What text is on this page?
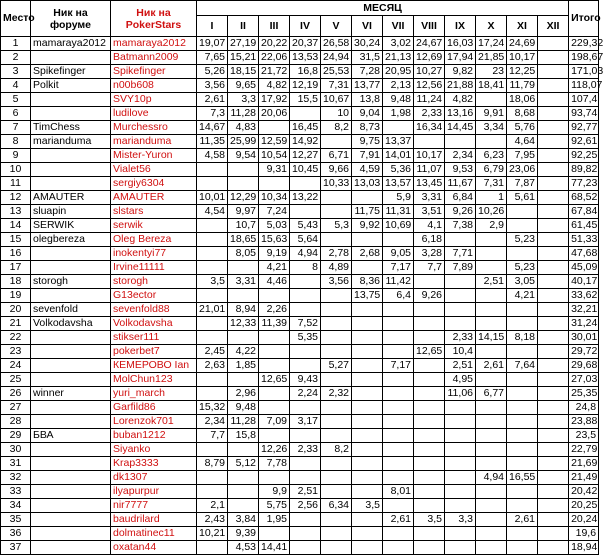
Место	Ник на форуме	Ник на PokerStars	МЕСЯЦ												Итого
			I	II	III	IV	V	VI	VII	VIII	IX	X	XI	XII	
1	mamaraya2012	mamaraya2012	19,07	27,19	20,22	20,37	26,58	30,24	3,02	24,67	16,03	17,24	24,69		229,32
2		Batmann2009	7,65	15,21	22,06	13,53	24,94	31,5	21,13	12,69	17,94	21,85	10,17		198,67
3	Spikefinger	Spikefinger	5,26	18,15	21,72	16,8	25,53	7,28	20,95	10,27	9,82	23	12,25		171,03
4	Polkit	n00b608	3,56	9,65	4,82	12,19	7,31	13,77	2,13	12,56	21,88	18,41	11,79		118,07
5		SVY10p	2,61	3,3	17,92	15,5	10,67	13,8	9,48	11,24	4,82		18,06		107,4
6		ludilove	7,3	11,28	20,06		10	9,04	1,98	2,33	13,16	9,91	8,68		93,74
7	TimChess	Murchessro	14,67	4,83		16,45	8,2	8,73		16,34	14,45	3,34	5,76		92,77
8	marianduma	marianduma	11,35	25,99	12,59	14,92		9,75	13,37				4,64		92,61
9		Mister-Yuron	4,58	9,54	10,54	12,27	6,71	7,91	14,01	10,17	2,34	6,23	7,95		92,25
10		Vialet56			9,31	10,45	9,66	4,59	5,36	11,07	9,53	6,79	23,06		89,82
11		sergiy6304					10,33	13,03	13,57	13,45	11,67	7,31	7,87		77,23
12	AMAUTER	AMAUTER	10,01	12,29	10,34	13,22			5,9	3,31	6,84	1	5,61		68,52
13	sluapin	slstars	4,54	9,97	7,24			11,75	11,31	3,51	9,26	10,26			67,84
14	SERWIK	serwik		10,7	5,03	5,43	5,3	9,92	10,69	4,1	7,38	2,9			61,45
15	olegbereza	Oleg Bereza		18,65	15,63	5,64				6,18			5,23		51,33
16		inokentyi77		8,05	9,19	4,94	2,78	2,68	9,05	3,28	7,71				47,68
17		Irvine11111			4,21	8	4,89		7,17	7,7	7,89		5,23		45,09
18	storogh	storogh	3,5	3,31	4,46		3,56	8,36	11,42			2,51	3,05		40,17
19		G13ector						13,75	6,4	9,26			4,21		33,62
20	sevenfold	sevenfold88	21,01	8,94	2,26										32,21
21	Volkodavsha	Volkodavsha		12,33	11,39	7,52									31,24
22		stikser111				5,35					2,33	14,15	8,18		30,01
23		pokerbet7	2,45	4,22						12,65	10,4				29,72
24		КЕМЕРОВО Ian	2,63	1,85			5,27		7,17		2,51	2,61	7,64		29,68
25		MolChun123			12,65	9,43					4,95				27,03
26	winner	yuri_march		2,96		2,24	2,32				11,06	6,77			25,35
27		Garfild86	15,32	9,48											24,8
28		Lorenzok701	2,34	11,28	7,09	3,17									23,88
29	БВА	buban1212	7,7	15,8											23,5
30		Siyanko			12,26	2,33	8,2								22,79
31		Krap3333	8,79	5,12	7,78										21,69
32		dk1307										4,94	16,55		21,49
33		ilyapurpur			9,9	2,51			8,01						20,42
34		nir7777	2,1		5,75	2,56	6,34	3,5							20,25
35		baudrilard	2,43	3,84	1,95				2,61	3,5	3,3		2,61		20,24
36		dolmatinec11	10,21	9,39											19,6
37		oxatan44		4,53	14,41										18,94
